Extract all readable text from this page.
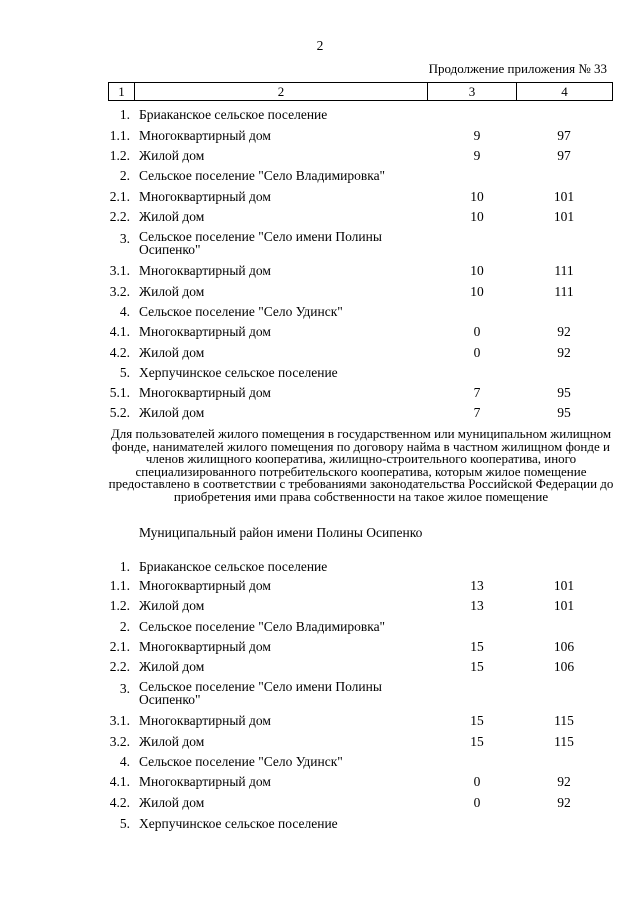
2
Продолжение приложения № 33
1	2	3	4
1. Бриаканское сельское поселение
1.1. Многоквартирный дом	9	97
1.2. Жилой дом	9	97
2. Сельское поселение "Село Владимировка"
2.1. Многоквартирный дом	10	101
2.2. Жилой дом	10	101
3. Сельское поселение "Село имени Полины Осипенко"
3.1. Многоквартирный дом	10	111
3.2. Жилой дом	10	111
4. Сельское поселение "Село Удинск"
4.1. Многоквартирный дом	0	92
4.2. Жилой дом	0	92
5. Херпучинское сельское поселение
5.1. Многоквартирный дом	7	95
5.2. Жилой дом	7	95
Муниципальный район имени Полины Осипенко
1. Бриаканское сельское поселение
1.1. Многоквартирный дом	13	101
1.2. Жилой дом	13	101
2. Сельское поселение "Село Владимировка"
2.1. Многоквартирный дом	15	106
2.2. Жилой дом	15	106
3. Сельское поселение "Село имени Полины Осипенко"
3.1. Многоквартирный дом	15	115
3.2. Жилой дом	15	115
4. Сельское поселение "Село Удинск"
4.1. Многоквартирный дом	0	92
4.2. Жилой дом	0	92
5. Херпучинское сельское поселение
Для пользователей жилого помещения в государственном или муниципальном жилищном фонде, нанимателей жилого помещения по договору найма в частном жилищном фонде и членов жилищного кооператива, жилищно-строительного кооператива, иного специализированного потребительского кооператива, которым жилое помещение предоставлено в соответствии с требованиями законодательства Российской Федерации до приобретения ими права собственности на такое жилое помещение
